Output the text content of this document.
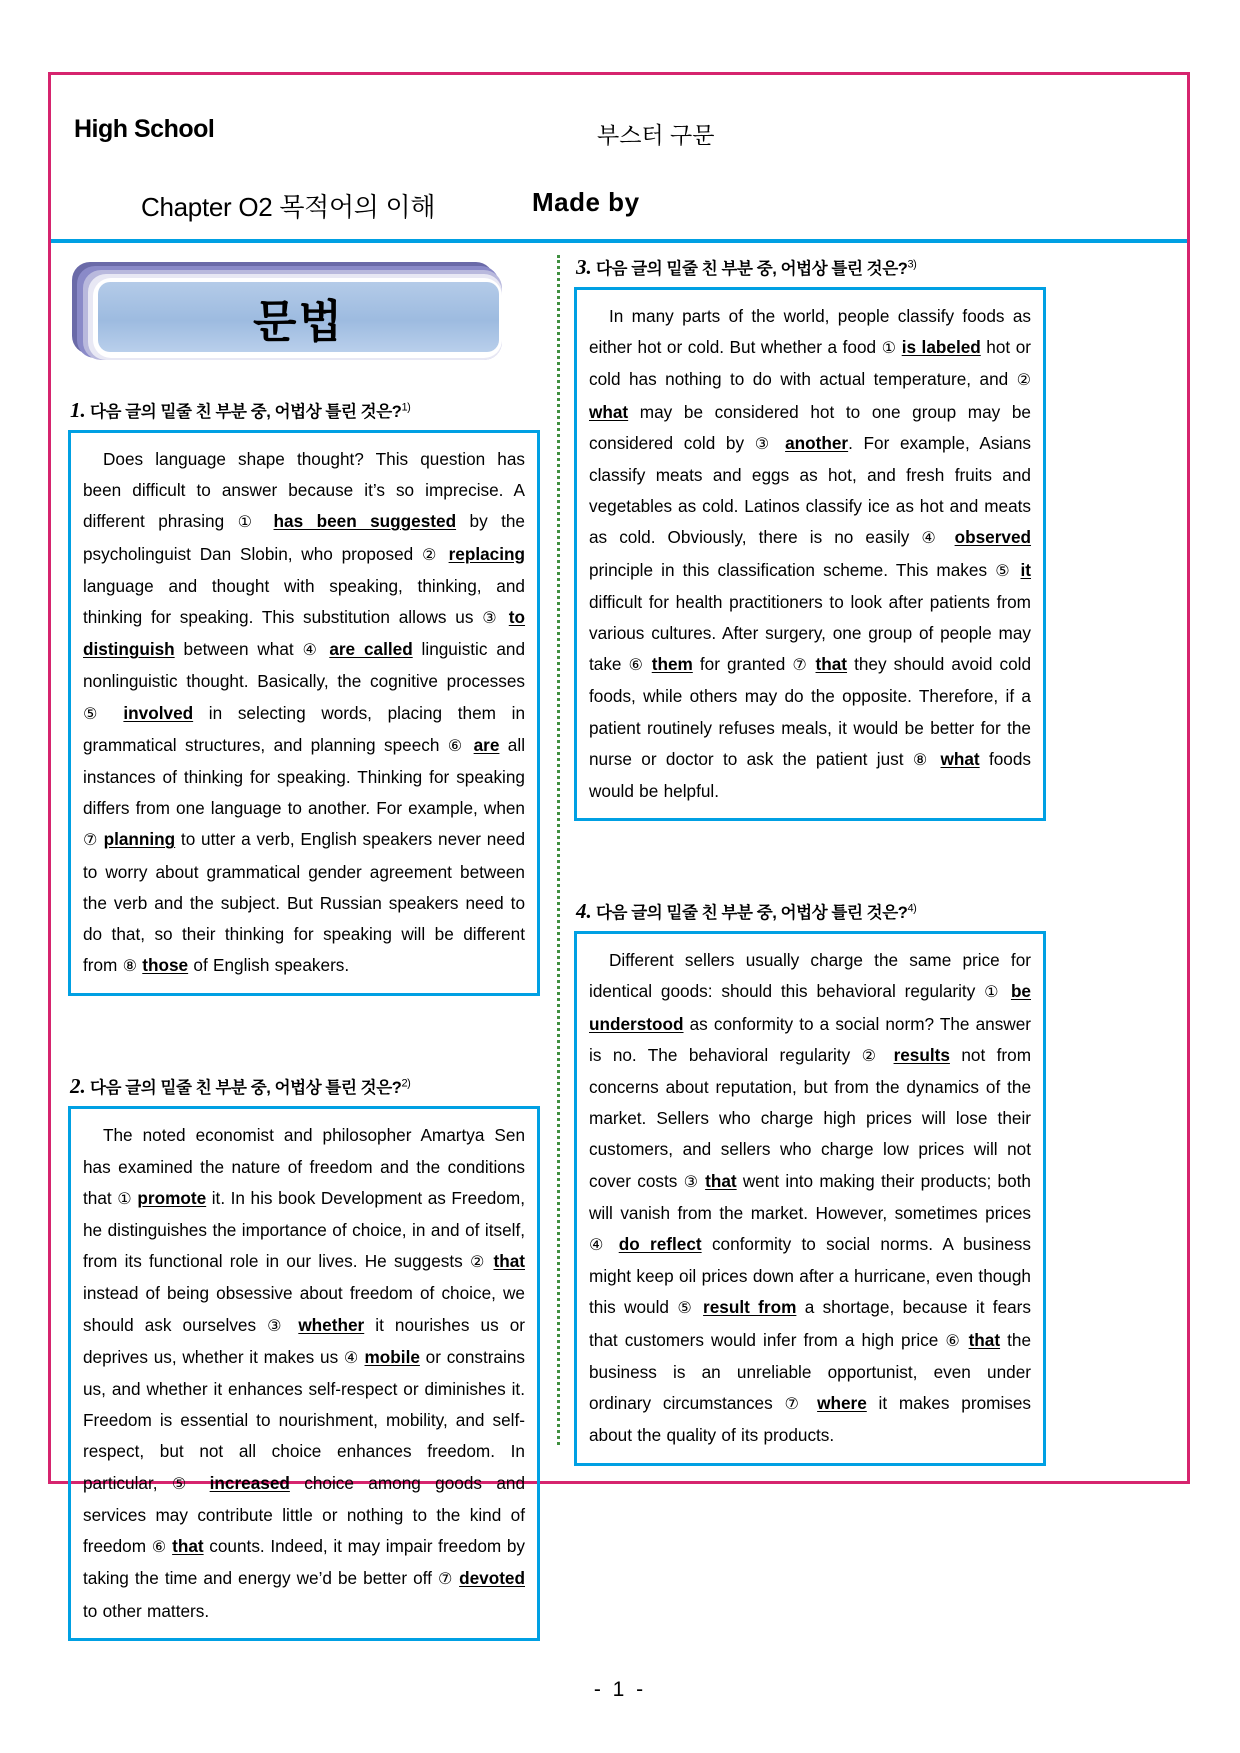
High School	부스터 구문
Chapter O2 목적어의 이해	Made by
문법
1. 다음 글의 밑줄 친 부분 중, 어법상 틀린 것은?$^{1)}$
Does language shape thought? This question has been difficult to answer because it’s so imprecise. A different phrasing ① has been suggested by the psycholinguist Dan Slobin, who proposed ② replacing language and thought with speaking, thinking, and thinking for speaking. This substitution allows us ③ to distinguish between what ④ are called linguistic and nonlinguistic thought. Basically, the cognitive processes ⑤ involved in selecting words, placing them in grammatical structures, and planning speech ⑥ are all instances of thinking for speaking. Thinking for speaking differs from one language to another. For example, when ⑦ planning to utter a verb, English speakers never need to worry about grammatical gender agreement between the verb and the subject. But Russian speakers need to do that, so their thinking for speaking will be different from ⑧ those of English speakers.
2. 다음 글의 밑줄 친 부분 중, 어법상 틀린 것은?$^{2)}$
The noted economist and philosopher Amartya Sen has examined the nature of freedom and the conditions that ① promote it. In his book Development as Freedom, he distinguishes the importance of choice, in and of itself, from its functional role in our lives. He suggests ② that instead of being obsessive about freedom of choice, we should ask ourselves ③ whether it nourishes us or deprives us, whether it makes us ④ mobile or constrains us, and whether it enhances self-respect or diminishes it. Freedom is essential to nourishment, mobility, and self-respect, but not all choice enhances freedom. In particular, ⑤ increased choice among goods and services may contribute little or nothing to the kind of freedom ⑥ that counts. Indeed, it may impair freedom by taking the time and energy we’d be better off ⑦ devoted to other matters.
3. 다음 글의 밑줄 친 부분 중, 어법상 틀린 것은?$^{3)}$
In many parts of the world, people classify foods as either hot or cold. But whether a food ① is labeled hot or cold has nothing to do with actual temperature, and ② what may be considered hot to one group may be considered cold by ③ another. For example, Asians classify meats and eggs as hot, and fresh fruits and vegetables as cold. Latinos classify ice as hot and meats as cold. Obviously, there is no easily ④ observed principle in this classification scheme. This makes ⑤ it difficult for health practitioners to look after patients from various cultures. After surgery, one group of people may take ⑥ them for granted ⑦ that they should avoid cold foods, while others may do the opposite. Therefore, if a patient routinely refuses meals, it would be better for the nurse or doctor to ask the patient just ⑧ what foods would be helpful.
4. 다음 글의 밑줄 친 부분 중, 어법상 틀린 것은?$^{4)}$
Different sellers usually charge the same price for identical goods: should this behavioral regularity ① be understood as conformity to a social norm? The answer is no. The behavioral regularity ② results not from concerns about reputation, but from the dynamics of the market. Sellers who charge high prices will lose their customers, and sellers who charge low prices will not cover costs ③ that went into making their products; both will vanish from the market. However, sometimes prices ④ do reflect conformity to social norms. A business might keep oil prices down after a hurricane, even though this would ⑤ result from a shortage, because it fears that customers would infer from a high price ⑥ that the business is an unreliable opportunist, even under ordinary circumstances ⑦ where it makes promises about the quality of its products.
- 1 -
